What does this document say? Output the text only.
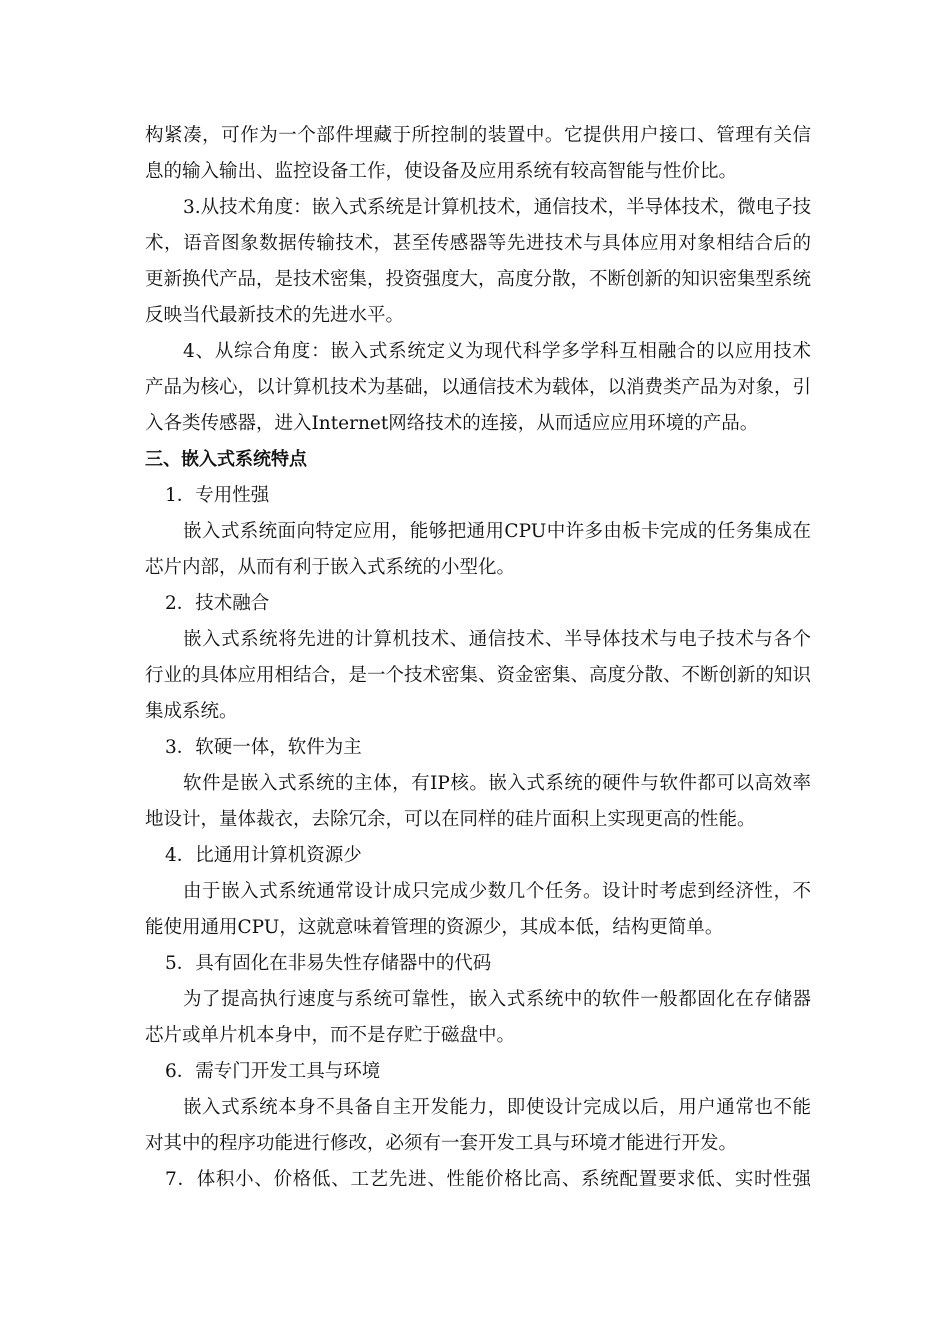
构紧凑，可作为一个部件埋藏于所控制的装置中。它提供用户接口、管理有关信
息的输入输出、监控设备工作，使设备及应用系统有较高智能与性价比。
3.从技术角度：嵌入式系统是计算机技术，通信技术，半导体技术，微电子技
术，语音图象数据传输技术，甚至传感器等先进技术与具体应用对象相结合后的
更新换代产品，是技术密集，投资强度大，高度分散，不断创新的知识密集型系统
反映当代最新技术的先进水平。
4、从综合角度：嵌入式系统定义为现代科学多学科互相融合的以应用技术
产品为核心，以计算机技术为基础，以通信技术为载体，以消费类产品为对象，引
入各类传感器，进入Internet网络技术的连接，从而适应应用环境的产品。
三、嵌入式系统特点
1．专用性强
嵌入式系统面向特定应用，能够把通用CPU中许多由板卡完成的任务集成在
芯片内部，从而有利于嵌入式系统的小型化。
2．技术融合
嵌入式系统将先进的计算机技术、通信技术、半导体技术与电子技术与各个
行业的具体应用相结合，是一个技术密集、资金密集、高度分散、不断创新的知识
集成系统。
3．软硬一体，软件为主
软件是嵌入式系统的主体，有IP核。嵌入式系统的硬件与软件都可以高效率
地设计，量体裁衣，去除冗余，可以在同样的硅片面积上实现更高的性能。
4．比通用计算机资源少
由于嵌入式系统通常设计成只完成少数几个任务。设计时考虑到经济性，不
能使用通用CPU，这就意味着管理的资源少，其成本低，结构更简单。
5．具有固化在非易失性存储器中的代码
为了提高执行速度与系统可靠性，嵌入式系统中的软件一般都固化在存储器
芯片或单片机本身中，而不是存贮于磁盘中。
6．需专门开发工具与环境
嵌入式系统本身不具备自主开发能力，即使设计完成以后，用户通常也不能
对其中的程序功能进行修改，必须有一套开发工具与环境才能进行开发。
7．体积小、价格低、工艺先进、性能价格比高、系统配置要求低、实时性强
